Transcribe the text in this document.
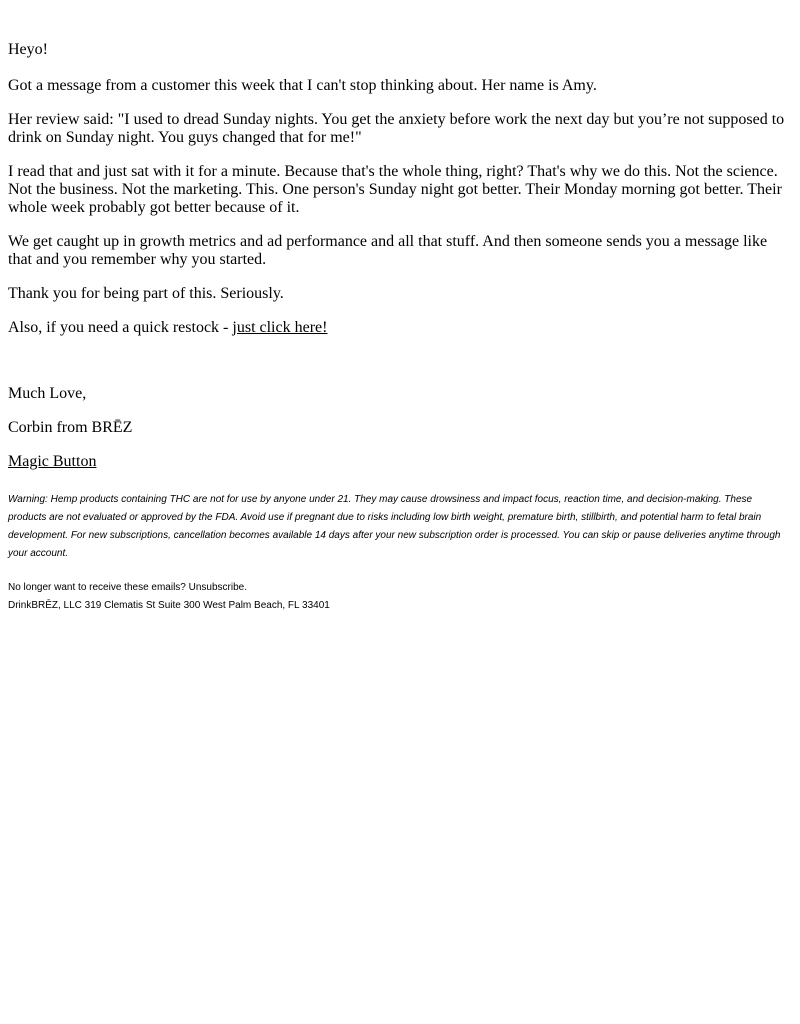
Heyo!

Got a message from a customer this week that I can't stop thinking about. Her name is Amy.

Her review said: "I used to dread Sunday nights. You get the anxiety before work the next day but you’re not supposed to drink on Sunday night. You guys changed that for me!"

I read that and just sat with it for a minute. Because that's the whole thing, right? That's why we do this. Not the science. Not the business. Not the marketing. This. One person's Sunday night got better. Their Monday morning got better. Their whole week probably got better because of it.

We get caught up in growth metrics and ad performance and all that stuff. And then someone sends you a message like that and you remember why you started.

Thank you for being part of this. Seriously.

Also, if you need a quick restock - just click here!

Much Love,

Corbin from BRĒZ

Magic Button

Warning: Hemp products containing THC are not for use by anyone under 21. They may cause drowsiness and impact focus, reaction time, and decision-making. These products are not evaluated or approved by the FDA. Avoid use if pregnant due to risks including low birth weight, premature birth, stillbirth, and potential harm to fetal brain development. For new subscriptions, cancellation becomes available 14 days after your new subscription order is processed. You can skip or pause deliveries anytime through your account.

No longer want to receive these emails? Unsubscribe.

DrinkBRĒZ, LLC 319 Clematis St Suite 300 West Palm Beach, FL 33401
